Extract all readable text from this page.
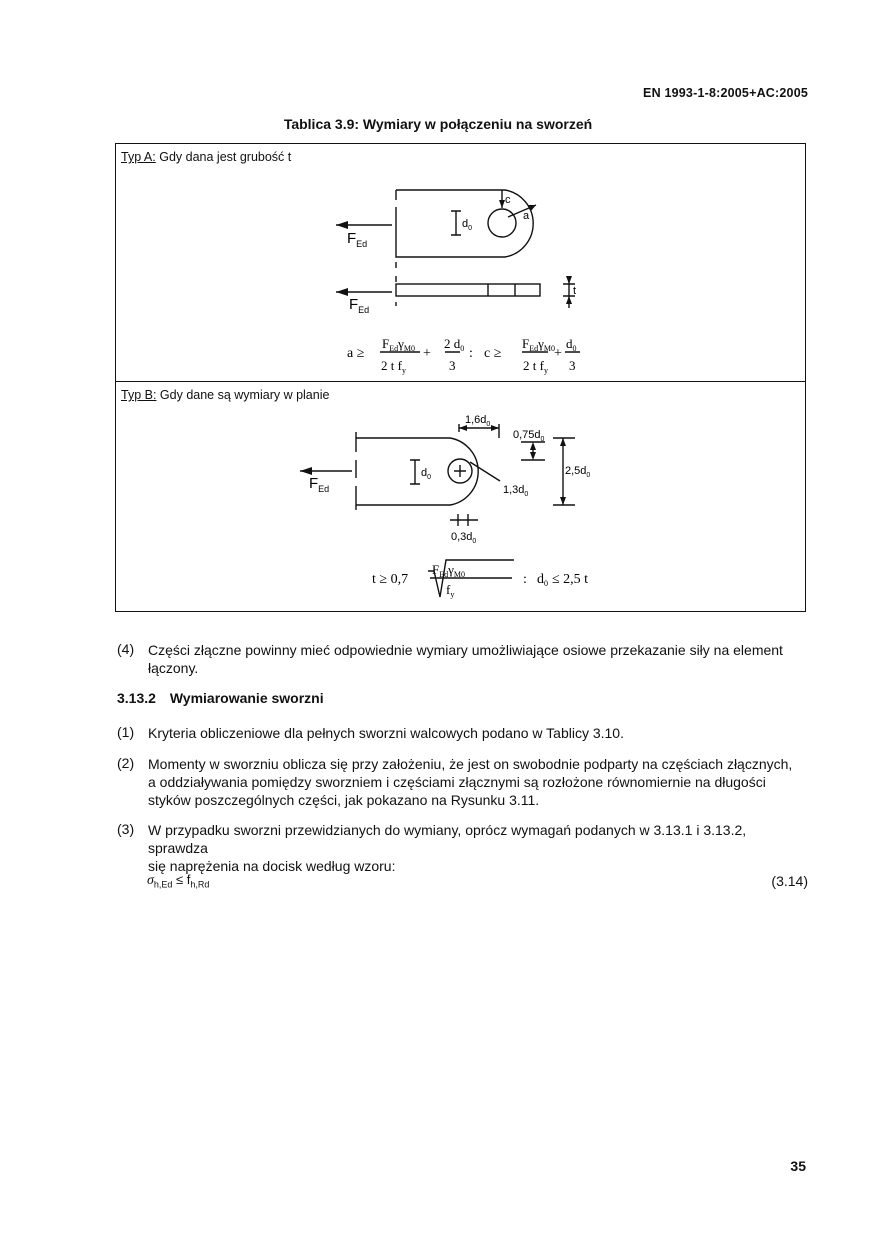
EN 1993-1-8:2005+AC:2005
Tablica 3.9: Wymiary w połączeniu na sworzeń
Typ A: Gdy dana jest grubość t
Typ B: Gdy dane są wymiary w planie
$F_{Ed}$
$F_{Ed}$
$d_0$
c
a
t
a ≥
$F_{Ed}\gamma_{M0}$
2 t $f_y$
+
2 $d_0$
3
: c ≥
$F_{Ed}\gamma_{M0}$
2 t $f_y$
+
$d_0$
3
$F_{Ed}$
$1,6d_0$
$0,75d_0$
$2,5d_0$
$1,3d_0$
$0,3d_0$
$d_0$
t ≥ 0,7
$F_{Ed}\gamma_{M0}$
$f_y$
: $d_0 \le 2,5$ t
(4) Części złączne powinny mieć odpowiednie wymiary umożliwiające osiowe przekazanie siły na element
łączony.
3.13.2 Wymiarowanie sworzni
(1) Kryteria obliczeniowe dla pełnych sworzni walcowych podano w Tablicy 3.10.
(2) Momenty w sworzniu oblicza się przy założeniu, że jest on swobodnie podparty na częściach złącznych,
a oddziaływania pomiędzy sworzniem i częściami złącznymi są rozłożone równomiernie na długości
styków poszczególnych części, jak pokazano na Rysunku 3.11.
(3) W przypadku sworzni przewidzianych do wymiany, oprócz wymagań podanych w 3.13.1 i 3.13.2, sprawdza
się naprężenia na docisk według wzoru:
$\sigma_{h,Ed} \le f_{h,Rd}$	(3.14)
35
